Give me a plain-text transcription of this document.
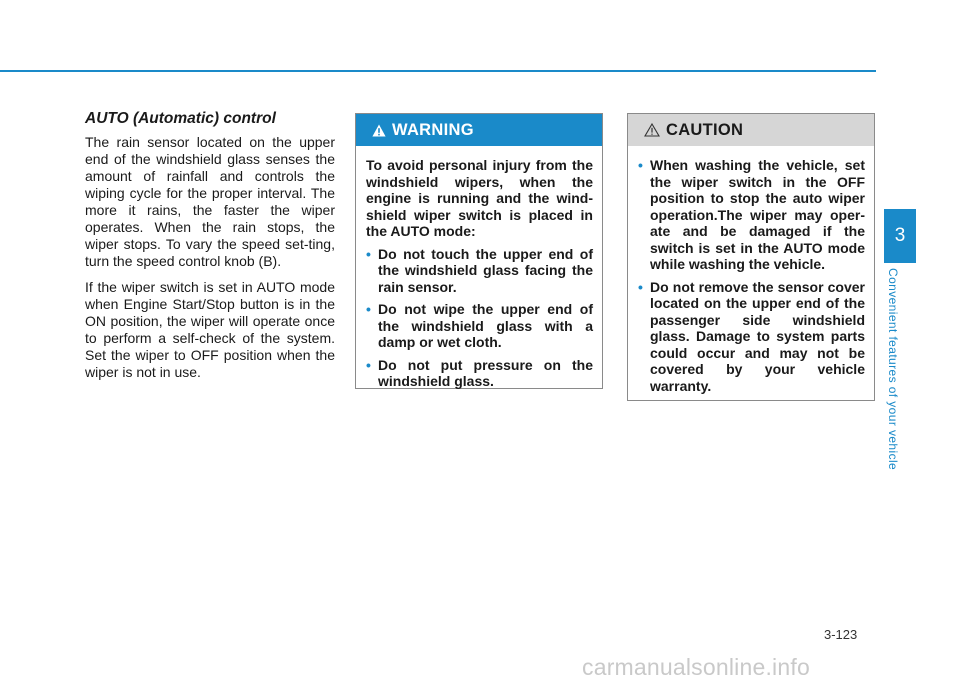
AUTO (Automatic) control

The rain sensor located on the upper end of the windshield glass senses the amount of rainfall and controls the wiping cycle for the proper interval. The more it rains, the faster the wiper operates. When the rain stops, the wiper stops. To vary the speed set-ting, turn the speed control knob (B).

If the wiper switch is set in AUTO mode when Engine Start/Stop button is in the ON position, the wiper will operate once to perform a self-check of the system. Set the wiper to OFF position when the wiper is not in use.

WARNING

To avoid personal injury from the windshield wipers, when the engine is running and the wind-shield wiper switch is placed in the AUTO mode:

• Do not touch the upper end of the windshield glass facing the rain sensor.
• Do not wipe the upper end of the windshield glass with a damp or wet cloth.
• Do not put pressure on the windshield glass.
CAUTION
• When washing the vehicle, set the wiper switch in the OFF position to stop the auto wiper operation.The wiper may oper-ate and be damaged if the switch is set in the AUTO mode while washing the vehicle.
• Do not remove the sensor cover located on the upper end of the passenger side windshield glass. Damage to system parts could occur and may not be covered by your vehicle warranty.
3
Convenient features of your vehicle
3-123
carmanualsonline.info
